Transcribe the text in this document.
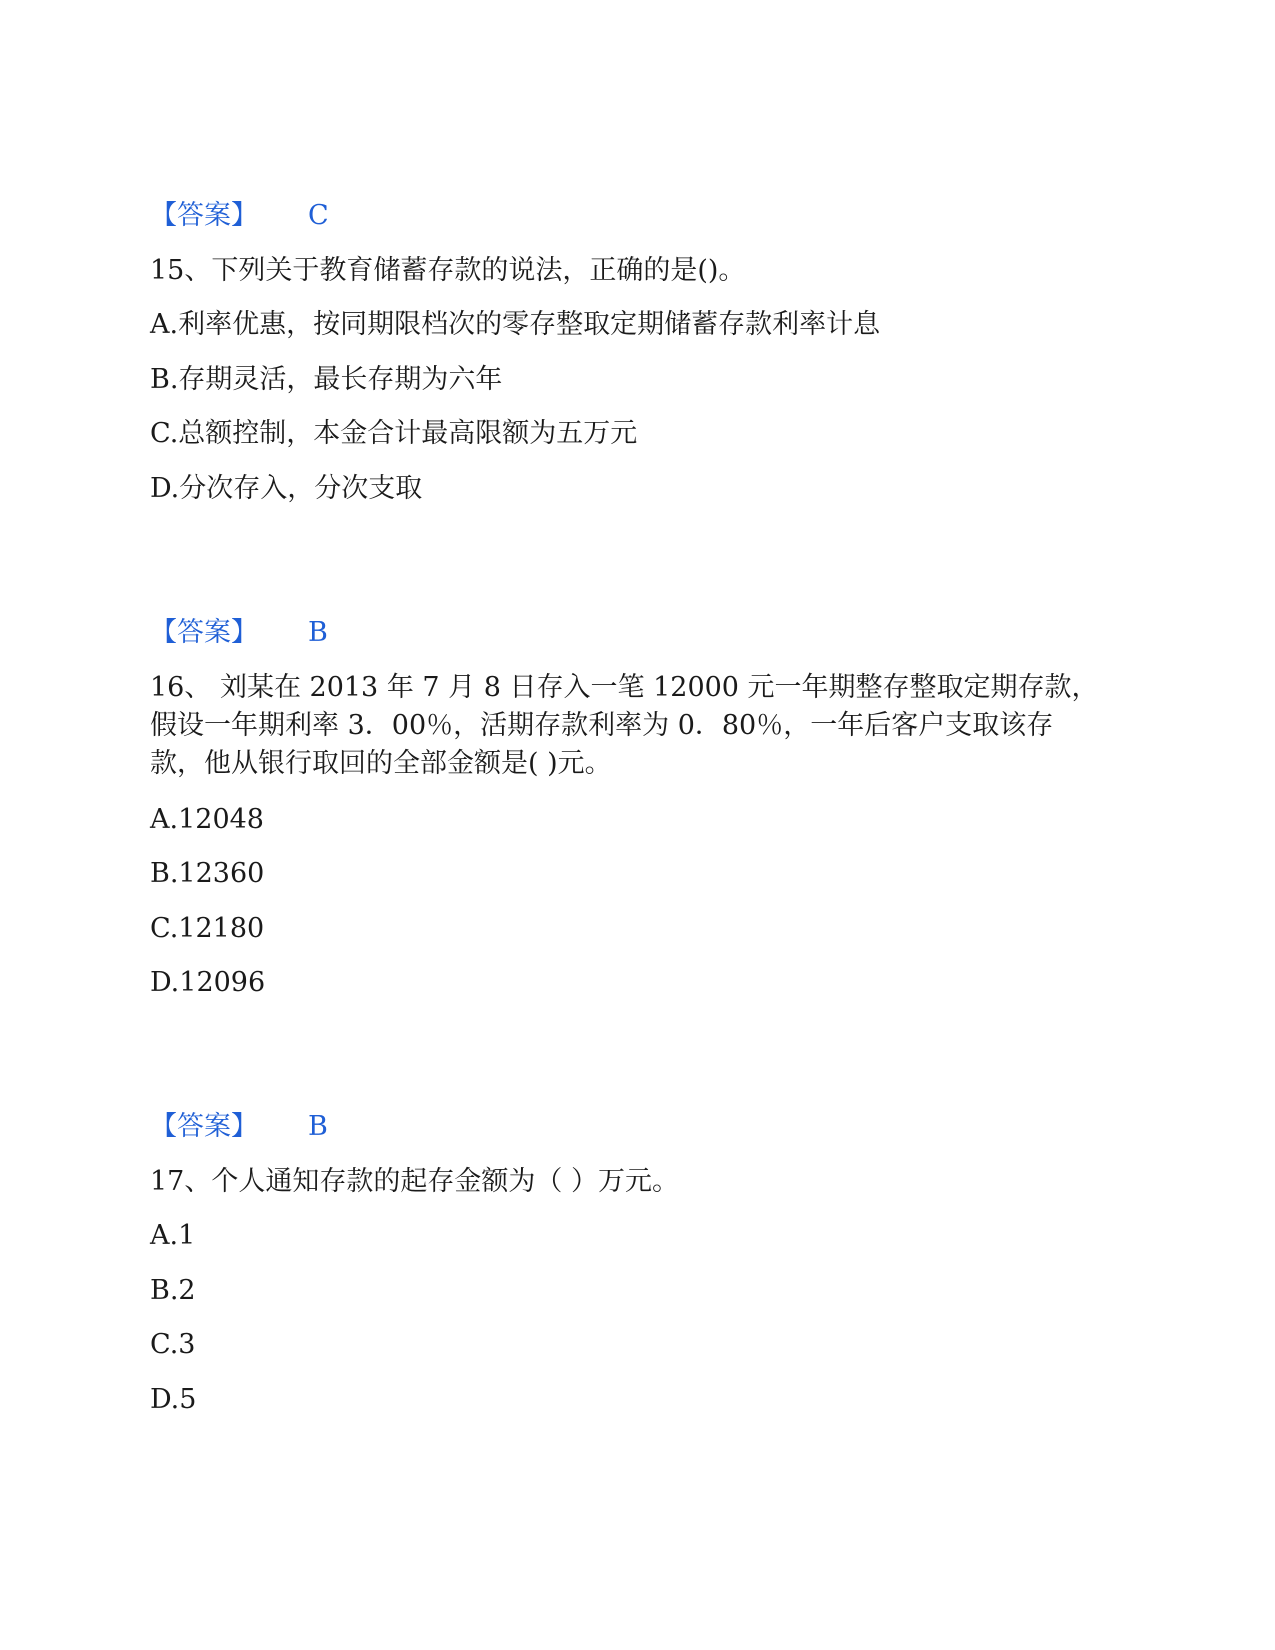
【答案】 C
15、下列关于教育储蓄存款的说法，正确的是()。
A.利率优惠，按同期限档次的零存整取定期储蓄存款利率计息
B.存期灵活，最长存期为六年
C.总额控制，本金合计最高限额为五万元
D.分次存入，分次支取
【答案】 B
16、 刘某在 2013 年 7 月 8 日存入一笔 12000 元一年期整存整取定期存款，
假设一年期利率 3．00％，活期存款利率为 0．80％，一年后客户支取该存
款，他从银行取回的全部金额是( )元。
A.12048
B.12360
C.12180
D.12096
【答案】 B
17、个人通知存款的起存金额为（ ）万元。
A.1
B.2
C.3
D.5
